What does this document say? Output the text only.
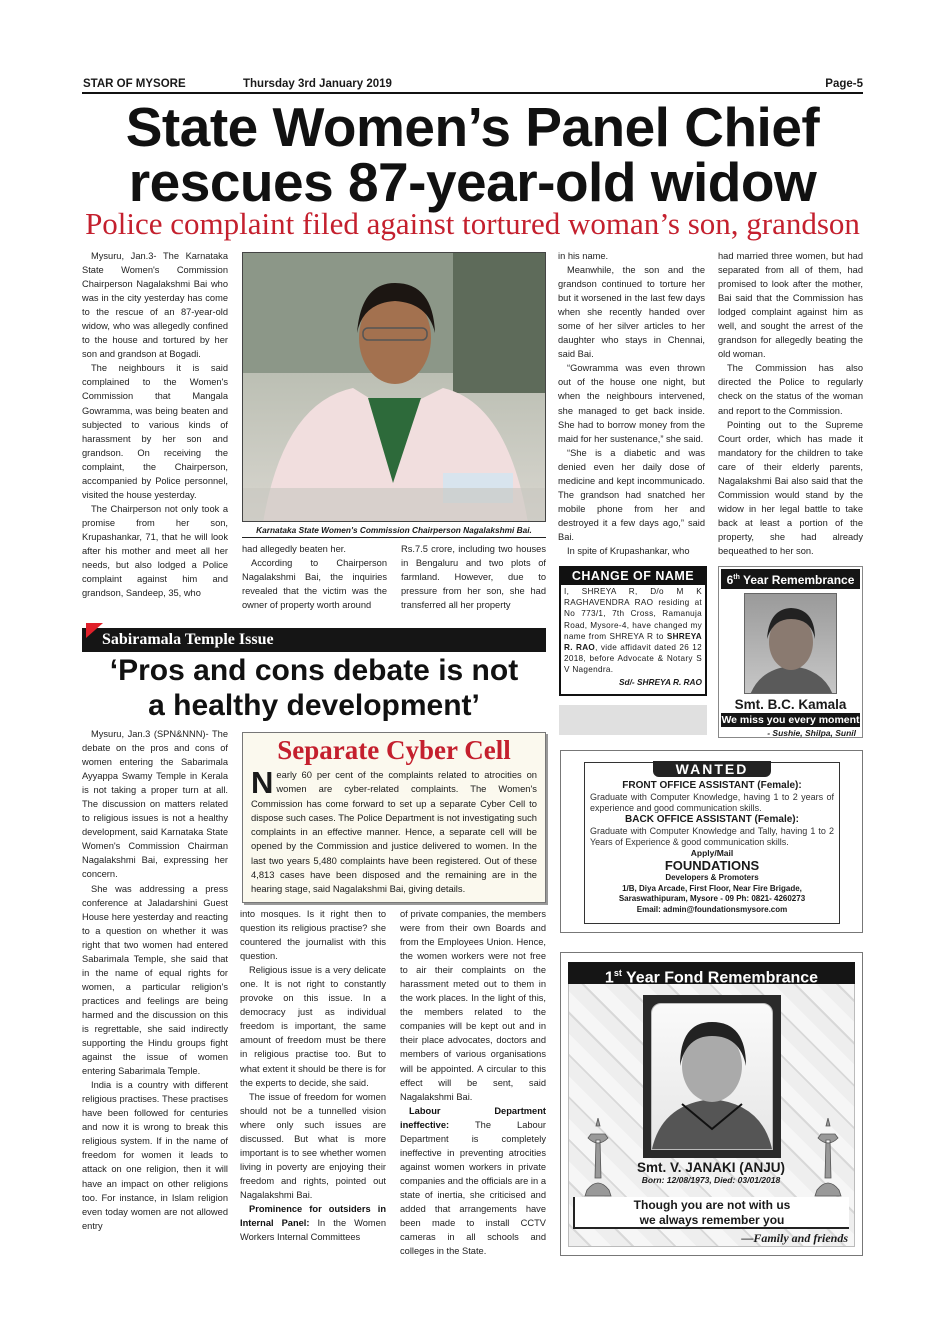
STAR OF MYSORE	Thursday 3rd January 2019	Page-5
State Women’s Panel Chief
rescues 87-year-old widow
Police complaint filed against tortured woman’s son, grandson

Mysuru, Jan.3- The Karnataka State Women's Commission Chairperson Nagalakshmi Bai who was in the city yesterday has come to the rescue of an 87-year-old widow, who was allegedly confined to the house and tortured by her son and grandson at Bogadi.

The neighbours it is said complained to the Women's Commission that Mangala Gowramma, was being beaten and subjected to various kinds of harassment by her son and grandson. On receiving the complaint, the Chairperson, accompanied by Police personnel, visited the house yesterday.

The Chairperson not only took a promise from her son, Krupashankar, 71, that he will look after his mother and meet all her needs, but also lodged a Police complaint against him and grandson, Sandeep, 35, who

Karnataka State Women's Commission Chairperson Nagalakshmi Bai.

had allegedly beaten her.

According to Chairperson Nagalakshmi Bai, the inquiries revealed that the victim was the owner of property worth around

Rs.7.5 crore, including two houses in Bengaluru and two plots of farmland. However, due to pressure from her son, she had transferred all her property

in his name.

Meanwhile, the son and the grandson continued to torture her but it worsened in the last few days when she recently handed over some of her silver articles to her daughter who stays in Chennai, said Bai.

“Gowramma was even thrown out of the house one night, but when the neighbours intervened, she managed to get back inside. She had to borrow money from the maid for her sustenance,” she said.

“She is a diabetic and was denied even her daily dose of medicine and kept incommunicado. The grandson had snatched her mobile phone from her and destroyed it a few days ago,” said Bai.

In spite of Krupashankar, who

had married three women, but had separated from all of them, had promised to look after the mother, Bai said that the Commission has lodged complaint against him as well, and sought the arrest of the grandson for allegedly beating the old woman.

The Commission has also directed the Police to regularly check on the status of the woman and report to the Commission.

Pointing out to the Supreme Court order, which has made it mandatory for the children to take care of their elderly parents, Nagalakshmi Bai also said that the Commission would stand by the widow in her legal battle to take back at least a portion of the property, she had already bequeathed to her son.

Sabiramala Temple Issue
‘Pros and cons debate is not
a healthy development’

Mysuru, Jan.3 (SPN&NNN)- The debate on the pros and cons of women entering the Sabarimala Ayyappa Swamy Temple in Kerala is not taking a proper turn at all. The discussion on matters related to religious issues is not a healthy development, said Karnataka State Women's Commission Chairman Nagalakshmi Bai, expressing her concern.

She was addressing a press conference at Jaladarshini Guest House here yesterday and reacting to a question on whether it was right that two women had entered Sabarimala Temple, she said that in the name of equal rights for women, a particular religion's practices and feelings are being harmed and the discussion on this is regrettable, she said indirectly supporting the Hindu groups fight against the issue of women entering Sabarimala Temple.

India is a country with different religious practises. These practises have been followed for centuries and now it is wrong to break this religious system. If in the name of freedom for women it leads to attack on one religion, then it will have an impact on other religions too. For instance, in Islam religion even today women are not allowed entry

Separate Cyber Cell
Nearly 60 per cent of the complaints related to atrocities on women are cyber-related complaints. The Women's Commission has come forward to set up a separate Cyber Cell to dispose such cases. The Police Department is not investigating such complaints in an effective manner. Hence, a separate cell will be opened by the Commission and justice delivered to women. In the last two years 5,480 complaints have been registered. Out of these 4,813 cases have been disposed and the remaining are in the hearing stage, said Nagalakshmi Bai, giving details.

into mosques. Is it right then to question its religious practise? she countered the journalist with this question.

Religious issue is a very delicate one. It is not right to constantly provoke on this issue. In a democracy just as individual freedom is important, the same amount of freedom must be there in religious practise too. But to what extent it should be there is for the experts to decide, she said.

The issue of freedom for women should not be a tunnelled vision where only such issues are discussed. But what is more important is to see whether women living in poverty are enjoying their freedom and rights, pointed out Nagalakshmi Bai.

Prominence for outsiders in Internal Panel: In the Women Workers Internal Committees

of private companies, the members were from their own Boards and from the Employees Union. Hence, the women workers were not free to air their complaints on the harassment meted out to them in the work places. In the light of this, the members related to the companies will be kept out and in their place advocates, doctors and members of various organisations will be appointed. A circular to this effect will be sent, said Nagalakshmi Bai.

Labour Department ineffective: The Labour Department is completely ineffective in preventing atrocities against women workers in private companies and the officials are in a state of inertia, she criticised and added that arrangements have been made to install CCTV cameras in all schools and colleges in the State.

CHANGE OF NAME
I, SHREYA R, D/o M K RAGHAVENDRA RAO residing at No 773/1, 7th Cross, Ramanuja Road, Mysore-4, have changed my name from SHREYA R to SHREYA R. RAO, vide affidavit dated 26 12 2018, before Advocate & Notary S V Nagendra.
Sd/- SHREYA R. RAO
6th Year Remembrance
Smt. B.C. Kamala
We miss you every moment
- Sushie, Shilpa, Sunil
WANTED
FRONT OFFICE ASSISTANT (Female):
Graduate with Computer Knowledge, having 1 to 2 years of experience and good communication skills.
BACK OFFICE ASSISTANT (Female):
Graduate with Computer Knowledge and Tally, having 1 to 2 Years of Experience & good communication skills.
Apply/Mail
FOUNDATIONS
Developers & Promoters
1/B, Diya Arcade, First Floor, Near Fire Brigade,
Saraswathipuram, Mysore - 09 Ph: 0821- 4260273
Email: admin@foundationsmysore.com
1st Year Fond Remembrance
Smt. V. JANAKI (ANJU)
Born: 12/08/1973, Died: 03/01/2018
Though you are not with us
we always remember you
—Family and friends
